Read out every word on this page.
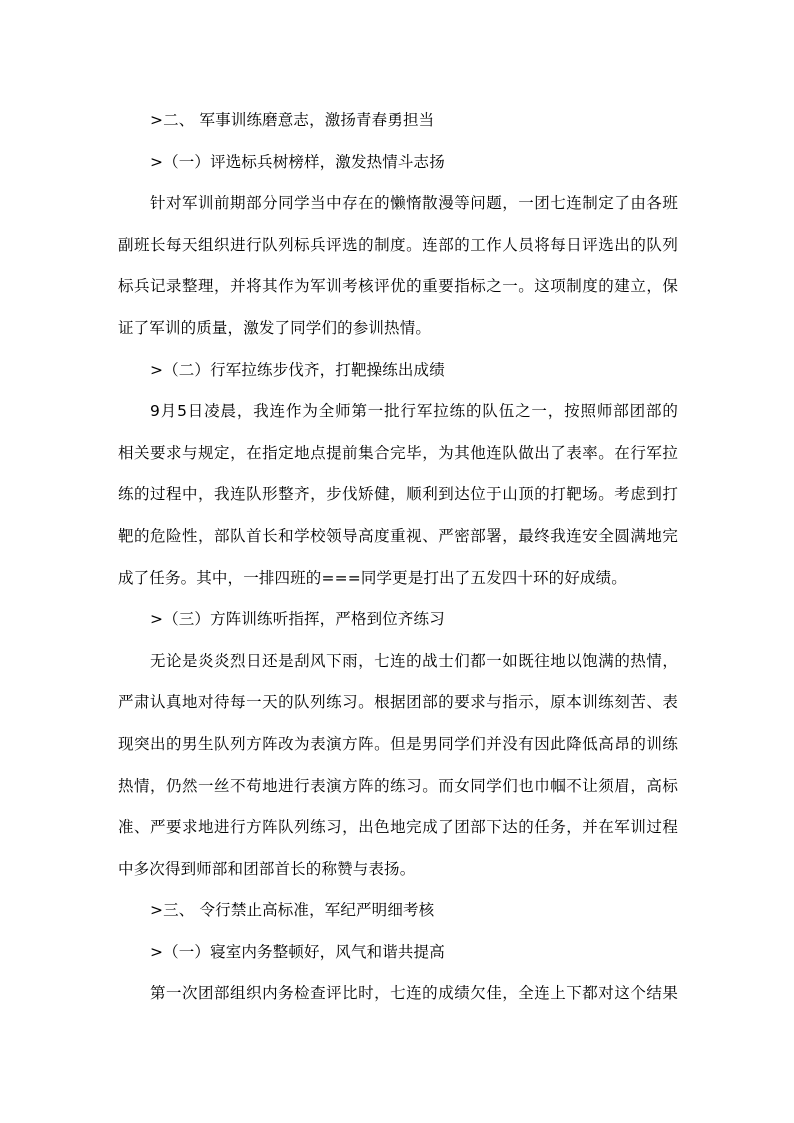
>二、 军事训练磨意志，激扬青春勇担当
>（一）评选标兵树榜样，激发热情斗志扬
针对军训前期部分同学当中存在的懒惰散漫等问题，一团七连制定了由各班
副班长每天组织进行队列标兵评选的制度。连部的工作人员将每日评选出的队列
标兵记录整理，并将其作为军训考核评优的重要指标之一。这项制度的建立，保
证了军训的质量，激发了同学们的参训热情。
>（二）行军拉练步伐齐，打靶操练出成绩
9月5日凌晨，我连作为全师第一批行军拉练的队伍之一，按照师部团部的
相关要求与规定，在指定地点提前集合完毕，为其他连队做出了表率。在行军拉
练的过程中，我连队形整齐，步伐矫健，顺利到达位于山顶的打靶场。考虑到打
靶的危险性，部队首长和学校领导高度重视、严密部署，最终我连安全圆满地完
成了任务。其中，一排四班的===同学更是打出了五发四十环的好成绩。
>（三）方阵训练听指挥，严格到位齐练习
无论是炎炎烈日还是刮风下雨，七连的战士们都一如既往地以饱满的热情，
严肃认真地对待每一天的队列练习。根据团部的要求与指示，原本训练刻苦、表
现突出的男生队列方阵改为表演方阵。但是男同学们并没有因此降低高昂的训练
热情，仍然一丝不苟地进行表演方阵的练习。而女同学们也巾帼不让须眉，高标
准、严要求地进行方阵队列练习，出色地完成了团部下达的任务，并在军训过程
中多次得到师部和团部首长的称赞与表扬。
>三、 令行禁止高标准，军纪严明细考核
>（一）寝室内务整顿好，风气和谐共提高
第一次团部组织内务检查评比时，七连的成绩欠佳，全连上下都对这个结果
